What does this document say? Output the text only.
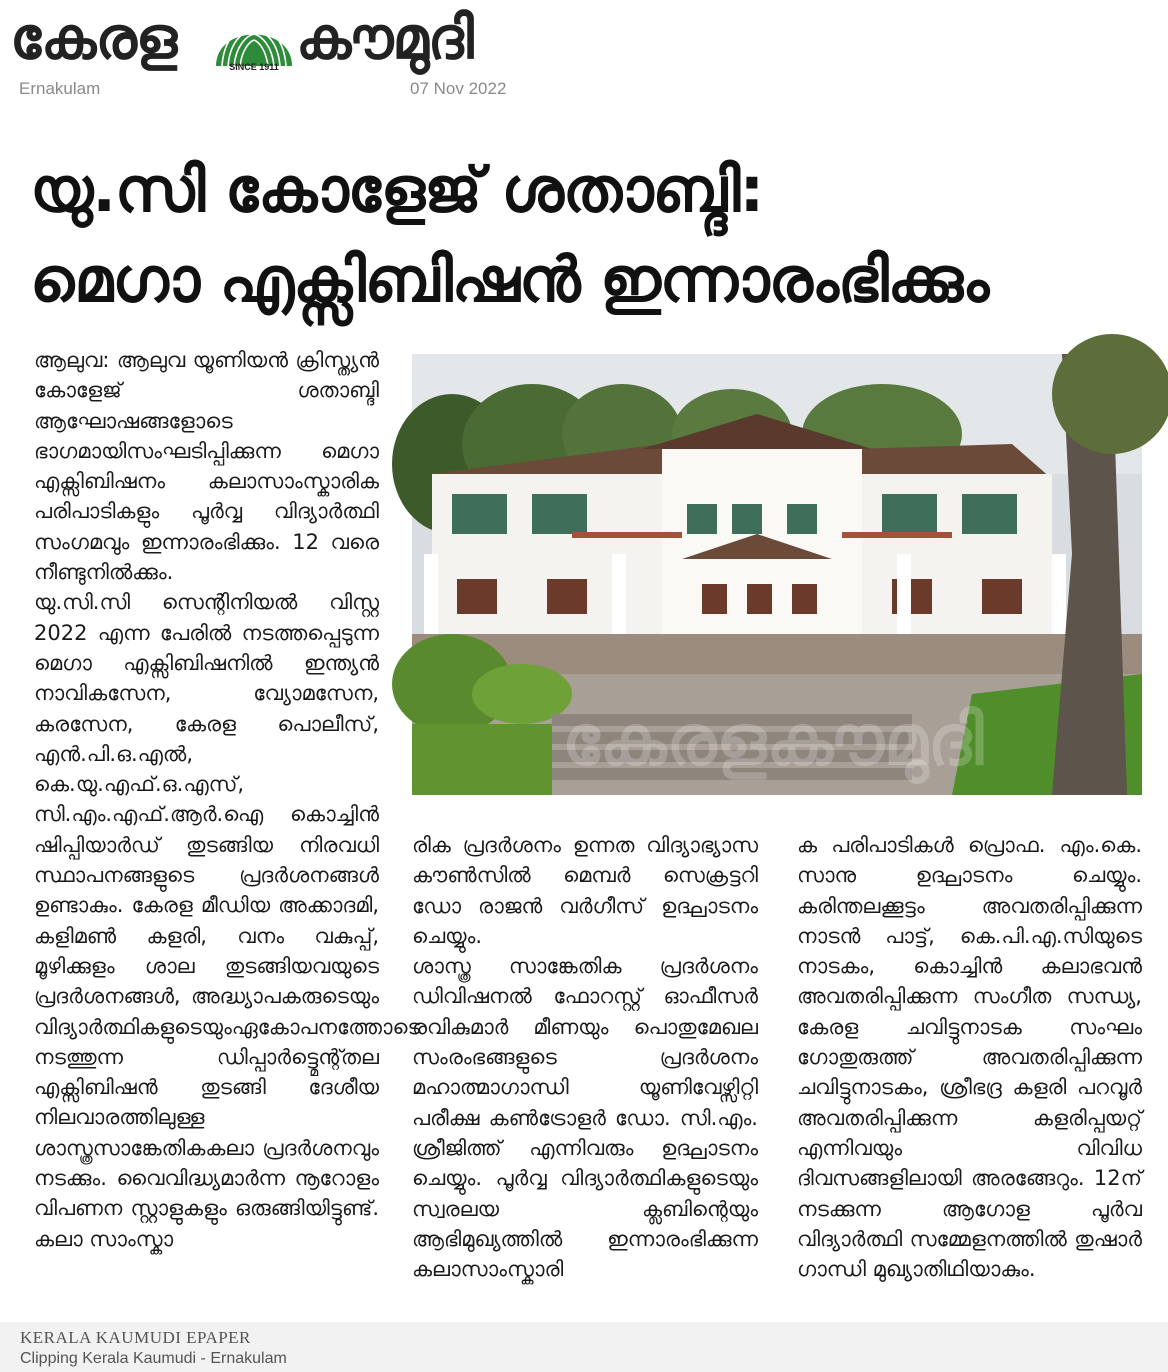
കേരള	SINCE 1911 കൗമുദി
Ernakulam	07 Nov 2022
യു.സി കോളേജ് ശതാബ്ദി:
മെഗാ എക്സിബിഷൻ ഇന്നാരംഭിക്കും
ആലുവ: ആലുവ യൂണിയൻ ക്രിസ്ത്യൻ കോളേജ് ശതാബ്ദി ആഘോഷങ്ങളോടെ ഭാഗമായിസംഘടിപ്പിക്കുന്ന മെഗാ എക്സിബിഷനം കലാസാംസ്കാരിക പരിപാടികളും പൂർവ്വ വിദ്യാർത്ഥി സംഗമവും ഇന്നാരംഭിക്കും. 12 വരെ നീണ്ടുനിൽക്കും.
യു.സി.സി സെന്റിനിയൽ വിസ്റ്റ 2022 എന്ന പേരിൽ നടത്തപ്പെടുന്ന മെഗാ എക്സിബിഷനിൽ ഇന്ത്യൻ നാവികസേന, വ്യോമസേന, കരസേന, കേരള പൊലീസ്, എൻ.പി.ഒ.എൽ, കെ.യു.എഫ്.ഒ.എസ്, സി.എം.എഫ്.ആർ.ഐ കൊച്ചിൻ ഷിപ്പിയാർഡ് തുടങ്ങിയ നിരവധി സ്ഥാപനങ്ങളുടെ പ്രദർശനങ്ങൾ ഉണ്ടാകും. കേരള മീഡിയ അക്കാദമി, കളിമൺ കളരി, വനം വകുപ്പ്, മൂഴിക്കുളം ശാല തുടങ്ങിയവയുടെ പ്രദർശനങ്ങൾ, അദ്ധ്യാപകരുടെയും വിദ്യാർത്ഥികളുടെയുംഏകോപനത്തോടെ നടത്തുന്ന ഡിപ്പാർട്ട്മെന്റ്തല എക്സിബിഷൻ തുടങ്ങി ദേശീയ നിലവാരത്തിലുള്ള ശാസ്ത്രസാങ്കേതികകലാ പ്രദർശനവും നടക്കും. വൈവിദ്ധ്യമാർന്ന നൂറോളം വിപണന സ്റ്റാളുകളും ഒരുങ്ങിയിട്ടുണ്ട്. കലാ സാംസ്കാ
കേരളകൗമുദി
രിക പ്രദർശനം ഉന്നത വിദ്യാഭ്യാസ കൗൺസിൽ മെമ്പർ സെക്രട്ടറി ഡോ രാജൻ വർഗീസ് ഉദ്ഘാടനം ചെയ്യും.
ശാസ്ത്ര സാങ്കേതിക പ്രദർശനം ഡിവിഷനൽ ഫോറസ്റ്റ് ഓഫീസർ രവികുമാർ മീണയും പൊതുമേഖല സംരംഭങ്ങളുടെ പ്രദർശനം മഹാത്മാഗാന്ധി യൂണിവേഴ്സിറ്റി പരീക്ഷ കൺട്രോളർ ഡോ. സി.എം. ശ്രീജിത്ത് എന്നിവരും ഉദ്ഘാടനം ചെയ്യും. പൂർവ്വ വിദ്യാർത്ഥികളുടെയും സ്വരലയ ക്ലബിന്റെയും ആഭിമുഖ്യത്തിൽ ഇന്നാരംഭിക്കുന്ന കലാസാംസ്കാരി
ക പരിപാടികൾ പ്രൊഫ. എം.കെ. സാനു ഉദ്ഘാടനം ചെയ്യും. കരിന്തലക്കൂട്ടം അവതരിപ്പിക്കുന്ന നാടൻ പാട്ട്, കെ.പി.എ.സിയുടെ നാടകം, കൊച്ചിൻ കലാഭവൻ അവതരിപ്പിക്കുന്ന സംഗീത സന്ധ്യ, കേരള ചവിട്ടുനാടക സംഘം ഗോതുരുത്ത് അവതരിപ്പിക്കുന്ന ചവിട്ടുനാടകം, ശ്രീഭദ്ര കളരി പറവൂർ അവതരിപ്പിക്കുന്ന കളരിപ്പയറ്റ് എന്നിവയും വിവിധ ദിവസങ്ങളിലായി അരങ്ങേറും. 12ന് നടക്കുന്ന ആഗോള പൂർവ വിദ്യാർത്ഥി സമ്മേളനത്തിൽ തുഷാർ ഗാന്ധി മുഖ്യാതിഥിയാകും.
KERALA KAUMUDI EPAPER
Clipping Kerala Kaumudi - Ernakulam
